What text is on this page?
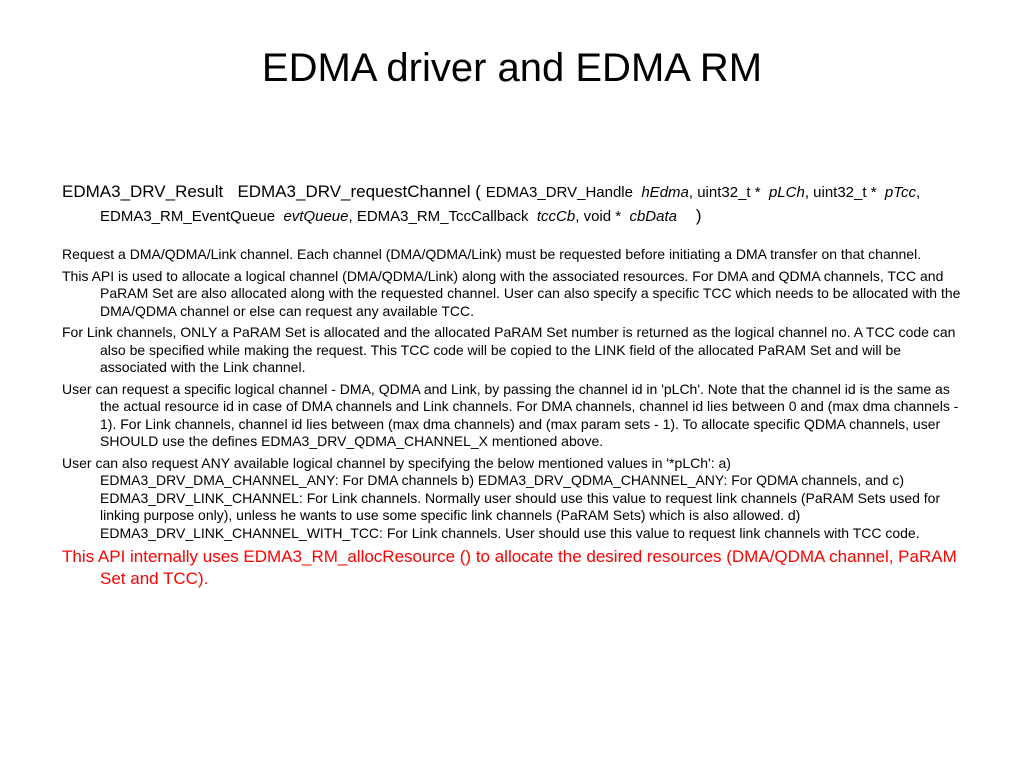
EDMA driver and EDMA RM

EDMA3_DRV_Result EDMA3_DRV_requestChannel ( EDMA3_DRV_Handle hEdma, uint32_t * pLCh, uint32_t * pTcc, EDMA3_RM_EventQueue evtQueue, EDMA3_RM_TccCallback tccCb, void * cbData )

Request a DMA/QDMA/Link channel. Each channel (DMA/QDMA/Link) must be requested before initiating a DMA transfer on that channel.

This API is used to allocate a logical channel (DMA/QDMA/Link) along with the associated resources. For DMA and QDMA channels, TCC and PaRAM Set are also allocated along with the requested channel. User can also specify a specific TCC which needs to be allocated with the DMA/QDMA channel or else can request any available TCC.

For Link channels, ONLY a PaRAM Set is allocated and the allocated PaRAM Set number is returned as the logical channel no. A TCC code can also be specified while making the request. This TCC code will be copied to the LINK field of the allocated PaRAM Set and will be associated with the Link channel.

User can request a specific logical channel - DMA, QDMA and Link, by passing the channel id in 'pLCh'. Note that the channel id is the same as the actual resource id in case of DMA channels and Link channels. For DMA channels, channel id lies between 0 and (max dma channels - 1). For Link channels, channel id lies between (max dma channels) and (max param sets - 1). To allocate specific QDMA channels, user SHOULD use the defines EDMA3_DRV_QDMA_CHANNEL_X mentioned above.

User can also request ANY available logical channel by specifying the below mentioned values in '*pLCh': a) EDMA3_DRV_DMA_CHANNEL_ANY: For DMA channels b) EDMA3_DRV_QDMA_CHANNEL_ANY: For QDMA channels, and c) EDMA3_DRV_LINK_CHANNEL: For Link channels. Normally user should use this value to request link channels (PaRAM Sets used for linking purpose only), unless he wants to use some specific link channels (PaRAM Sets) which is also allowed. d) EDMA3_DRV_LINK_CHANNEL_WITH_TCC: For Link channels. User should use this value to request link channels with TCC code.

This API internally uses EDMA3_RM_allocResource () to allocate the desired resources (DMA/QDMA channel, PaRAM Set and TCC).
